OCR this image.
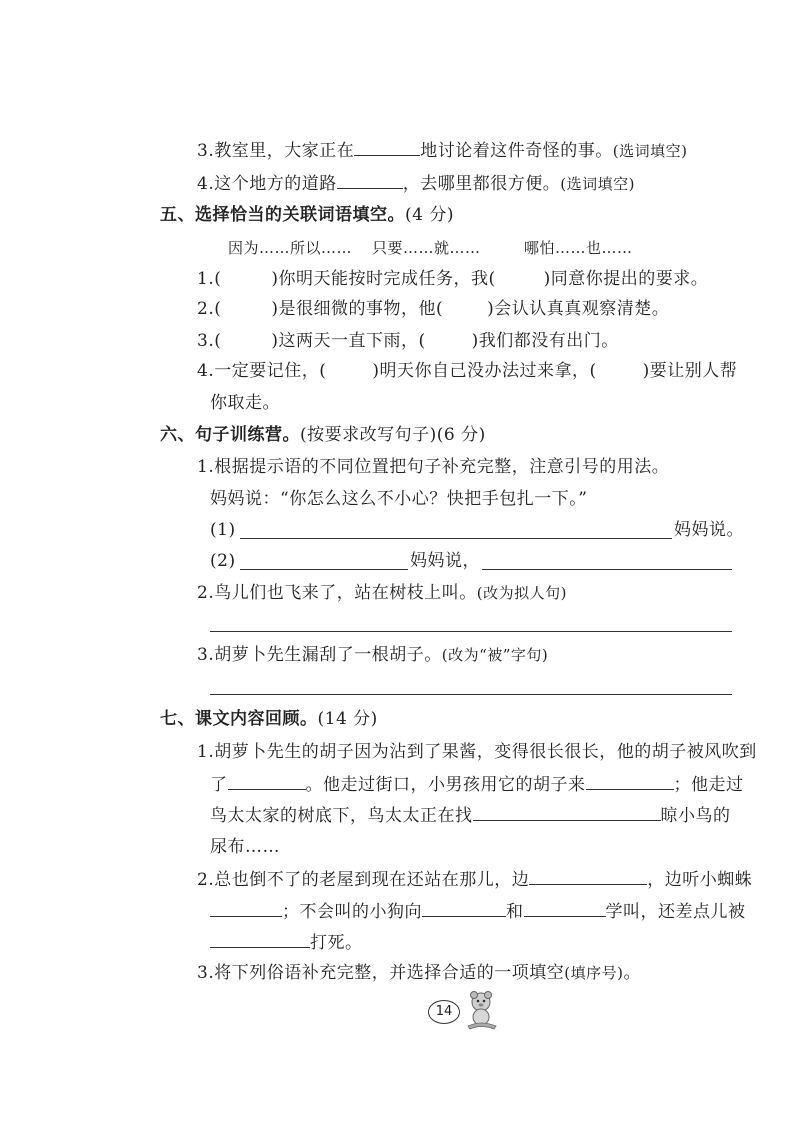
3.教室里，大家正在	地讨论着这件奇怪的事。(选词填空)
4.这个地方的道路	，去哪里都很方便。(选词填空)
五、选择恰当的关联词语填空。(4 分)
因为……所以…… 只要……就……	哪怕……也……
1.(	)你明天能按时完成任务，我(	)同意你提出的要求。
2.(	)是很细微的事物，他(	)会认认真真观察清楚。
3.(	)这两天一直下雨，(	)我们都没有出门。
4.一定要记住，(	)明天你自己没办法过来拿，(	)要让别人帮
你取走。
六、句子训练营。(按要求改写句子)(6 分)
1.根据提示语的不同位置把句子补充完整，注意引号的用法。
妈妈说：“你怎么这么不小心？快把手包扎一下。”
(1)	妈妈说。
(2)	妈妈说，
2.鸟儿们也飞来了，站在树枝上叫。(改为拟人句)
3.胡萝卜先生漏刮了一根胡子。(改为“被”字句)
七、课文内容回顾。(14 分)
1.胡萝卜先生的胡子因为沾到了果酱，变得很长很长，他的胡子被风吹到
了	。他走过街口，小男孩用它的胡子来	；他走过
鸟太太家的树底下，鸟太太正在找	晾小鸟的
尿布……
2.总也倒不了的老屋到现在还站在那儿，边	，边听小蜘蛛
；不会叫的小狗向	和	学叫，还差点儿被
打死。
3.将下列俗语补充完整，并选择合适的一项填空(填序号)。
14
